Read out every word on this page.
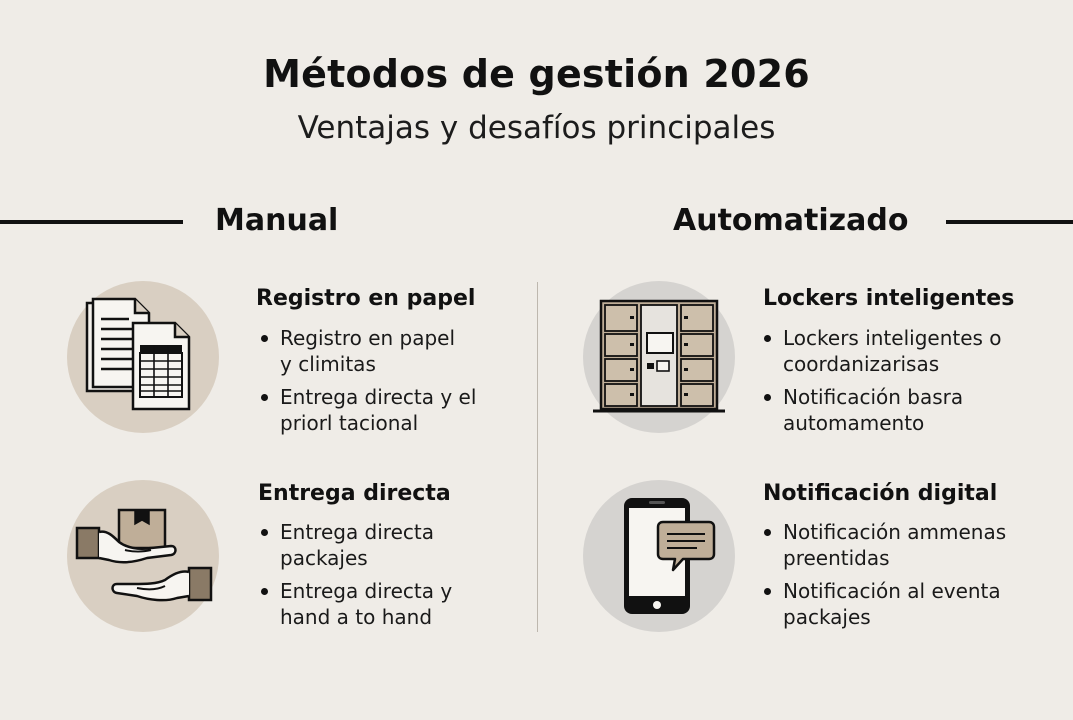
Métodos de gestión 2026
Ventajas y desafíos principales
Manual	Automatizado
Registro en papel
Registro en papel
y climitas
Entrega directa y el
priorl tacional
Entrega directa
Entrega directa
packajes
Entrega directa y
hand a to hand
Lockers inteligentes
Lockers inteligentes o
coordanizarisas
Notificación basra
automamento
Notificación digital
Notificación ammenas
preentidas
Notificación al eventa
packajes
